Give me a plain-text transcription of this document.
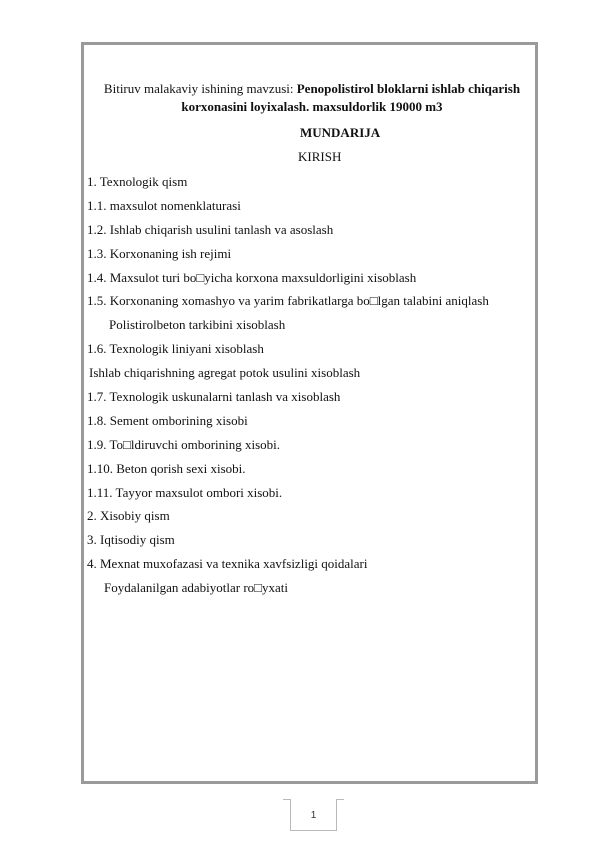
Bitiruv malakaviy ishining mavzusi: Penopolistirol bloklarni ishlab chiqarish korxonasini loyixalash. maxsuldorlik 19000 m3
MUNDARIJA
KIRISH
1. Texnologik qism
1.1. maxsulot nomenklaturasi
1.2. Ishlab chiqarish usulini tanlash va asoslash
1.3. Korxonaning ish rejimi
1.4. Maxsulot turi bo□yicha korxona maxsuldorligini xisoblash
1.5. Korxonaning xomashyo va yarim fabrikatlarga bo□lgan talabini aniqlash
Polistirolbeton tarkibini xisoblash
1.6. Texnologik liniyani xisoblash
Ishlab chiqarishning agregat potok usulini xisoblash
1.7. Texnologik uskunalarni tanlash va xisoblash
1.8. Sement omborining xisobi
1.9. To□ldiruvchi omborining xisobi.
1.10. Beton qorish sexi xisobi.
1.11. Tayyor maxsulot ombori xisobi.
2. Xisobiy qism
3. Iqtisodiy qism
4. Mexnat muxofazasi va texnika xavfsizligi qoidalari
Foydalanilgan adabiyotlar ro□yxati
1
